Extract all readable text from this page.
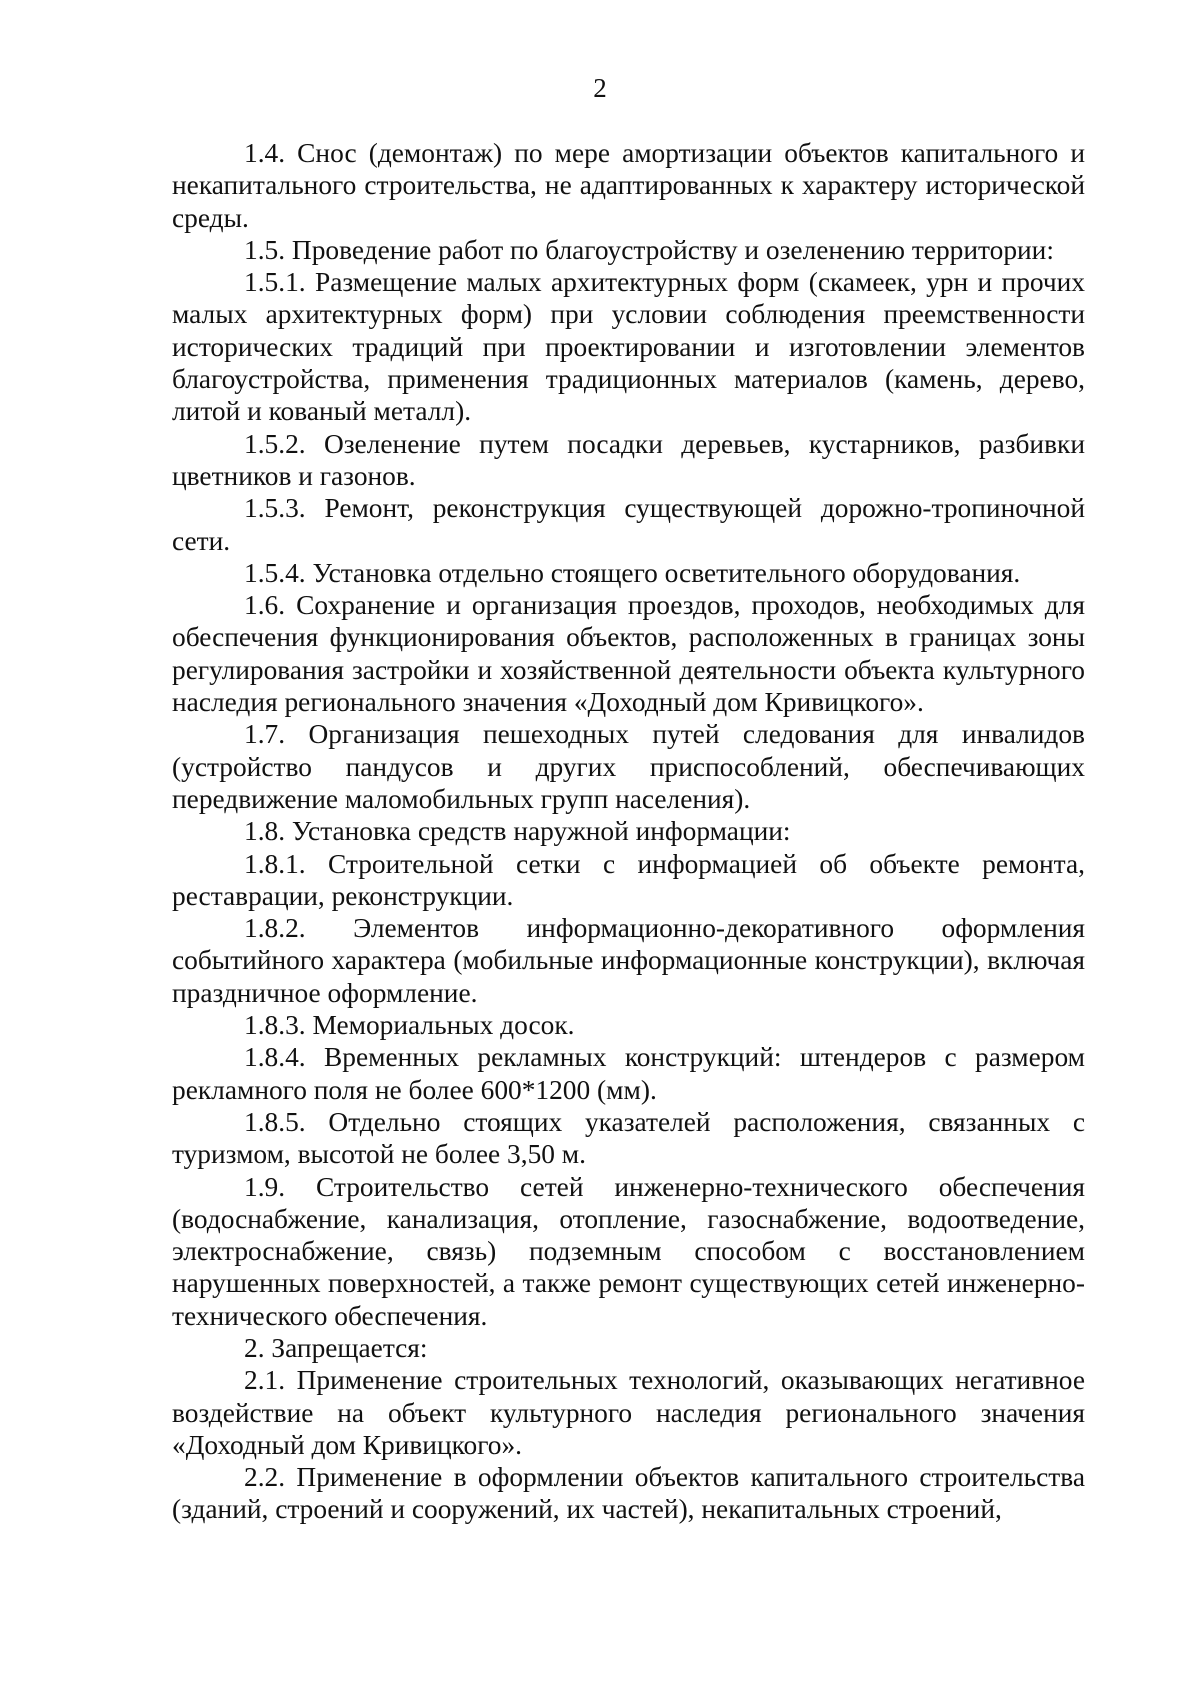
2

1.4. Снос (демонтаж) по мере амортизации объектов капитального и некапитального строительства, не адаптированных к характеру исторической среды.

1.5. Проведение работ по благоустройству и озеленению территории:

1.5.1. Размещение малых архитектурных форм (скамеек, урн и прочих малых архитектурных форм) при условии соблюдения преемственности исторических традиций при проектировании и изготовлении элементов благоустройства, применения традиционных материалов (камень, дерево, литой и кованый металл).

1.5.2. Озеленение путем посадки деревьев, кустарников, разбивки цветников и газонов.

1.5.3. Ремонт, реконструкция существующей дорожно-тропиночной сети.

1.5.4. Установка отдельно стоящего осветительного оборудования.

1.6. Сохранение и организация проездов, проходов, необходимых для обеспечения функционирования объектов, расположенных в границах зоны регулирования застройки и хозяйственной деятельности объекта культурного наследия регионального значения «Доходный дом Кривицкого».

1.7. Организация пешеходных путей следования для инвалидов (устройство пандусов и других приспособлений, обеспечивающих передвижение маломобильных групп населения).

1.8. Установка средств наружной информации:

1.8.1. Строительной сетки с информацией об объекте ремонта, реставрации, реконструкции.

1.8.2. Элементов информационно-декоративного оформления событийного характера (мобильные информационные конструкции), включая праздничное оформление.

1.8.3. Мемориальных досок.

1.8.4. Временных рекламных конструкций: штендеров с размером рекламного поля не более 600*1200 (мм).

1.8.5. Отдельно стоящих указателей расположения, связанных с туризмом, высотой не более 3,50 м.

1.9. Строительство сетей инженерно-технического обеспечения (водоснабжение, канализация, отопление, газоснабжение, водоотведение, электроснабжение, связь) подземным способом с восстановлением нарушенных поверхностей, а также ремонт существующих сетей инженерно-технического обеспечения.

2. Запрещается:

2.1. Применение строительных технологий, оказывающих негативное воздействие на объект культурного наследия регионального значения «Доходный дом Кривицкого».

2.2. Применение в оформлении объектов капитального строительства (зданий, строений и сооружений, их частей), некапитальных строений,
